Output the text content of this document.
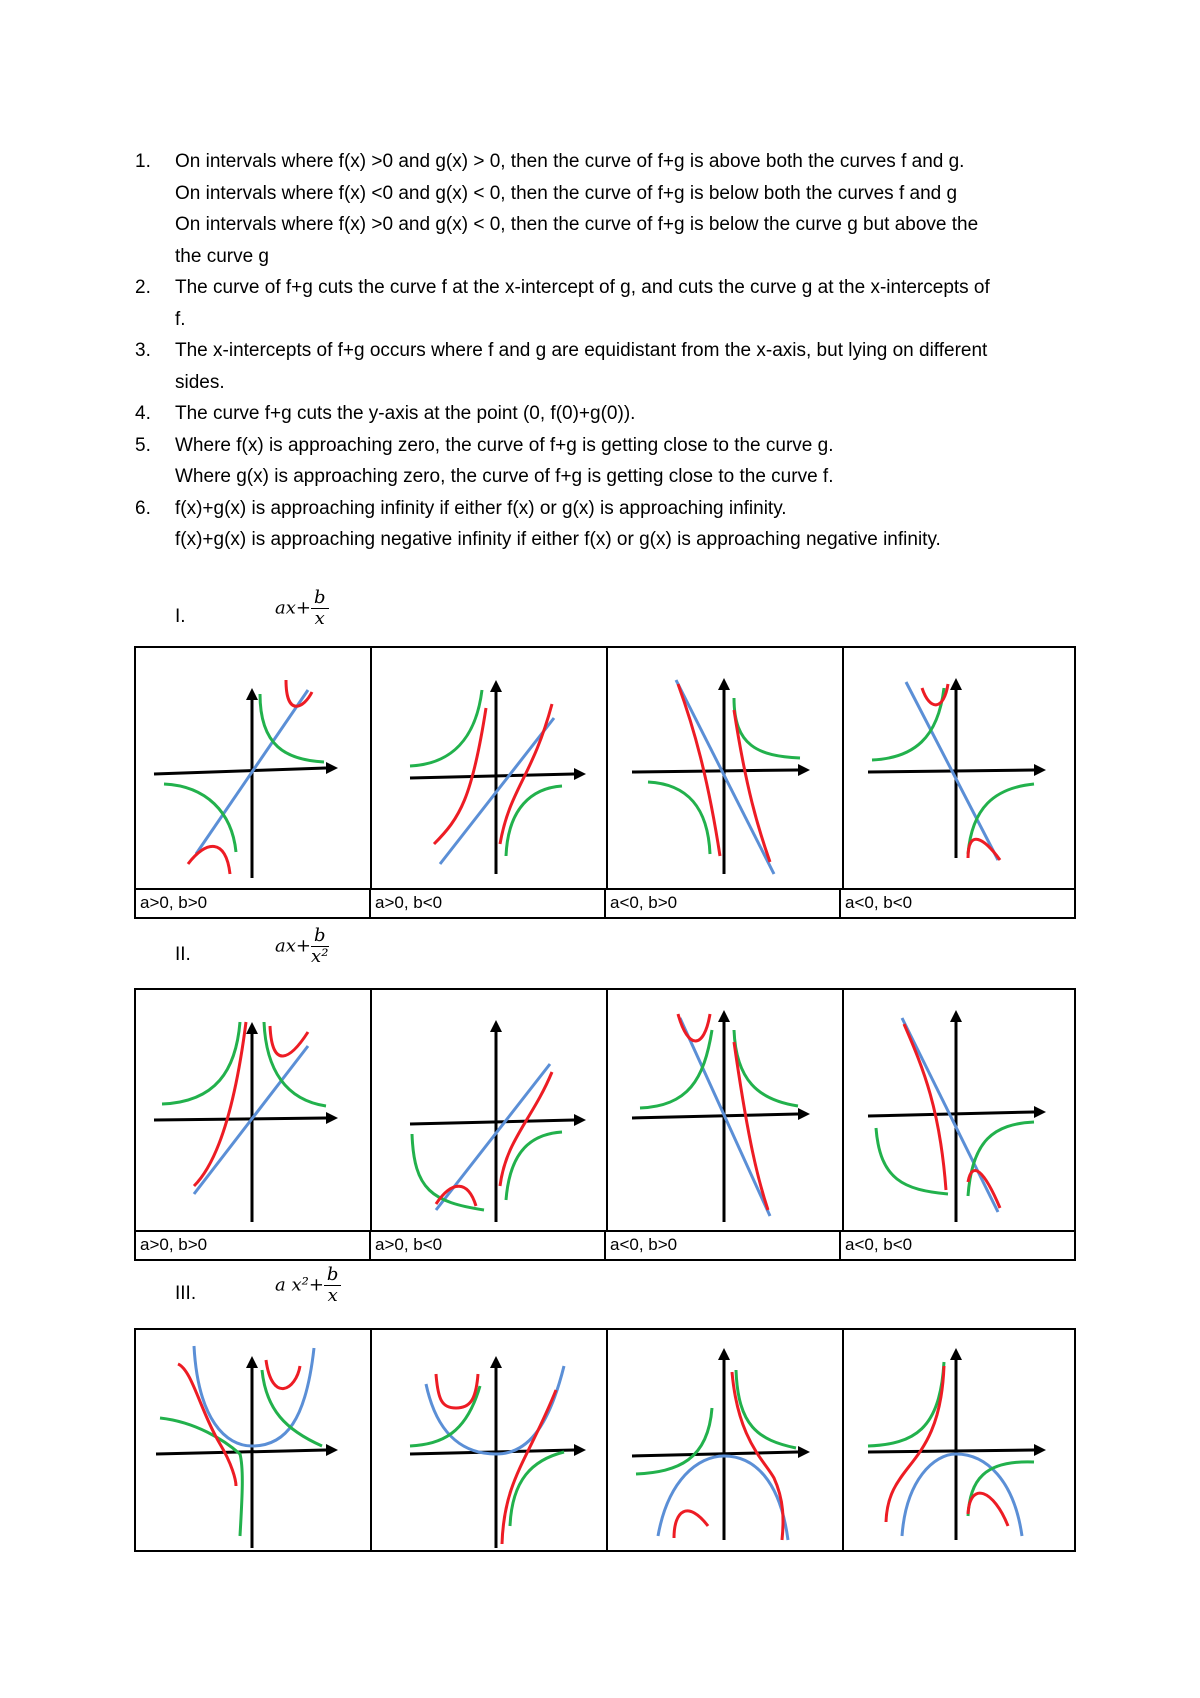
1. On intervals where f(x) >0 and g(x) > 0, then the curve of f+g is above both the curves f and g.
On intervals where f(x) <0 and g(x) < 0, then the curve of f+g is below both the curves f and g
On intervals where f(x) >0 and g(x) < 0, then the curve of f+g is below the curve g but above the
the curve g
2. The curve of f+g cuts the curve f at the x-intercept of g, and cuts the curve g at the x-intercepts of
f.
3. The x-intercepts of f+g occurs where f and g are equidistant from the x-axis, but lying on different
sides.
4. The curve f+g cuts the y-axis at the point (0, f(0)+g(0)).
5. Where f(x) is approaching zero, the curve of f+g is getting close to the curve g.
Where g(x) is approaching zero, the curve of f+g is getting close to the curve f.
6. f(x)+g(x) is approaching infinity if either f(x) or g(x) is approaching infinity.
f(x)+g(x) is approaching negative infinity if either f(x) or g(x) is approaching negative infinity.
I.	$ax+ \frac{b}{x}$
a>0, b>0	a>0, b<0	a<0, b>0	a<0, b<0
II.	$ax+ \frac{b}{\text{x²}}$
a>0, b>0	a>0, b<0	a<0, b>0	a<0, b<0
III.	a $x^2+ \frac{b}{x}$
